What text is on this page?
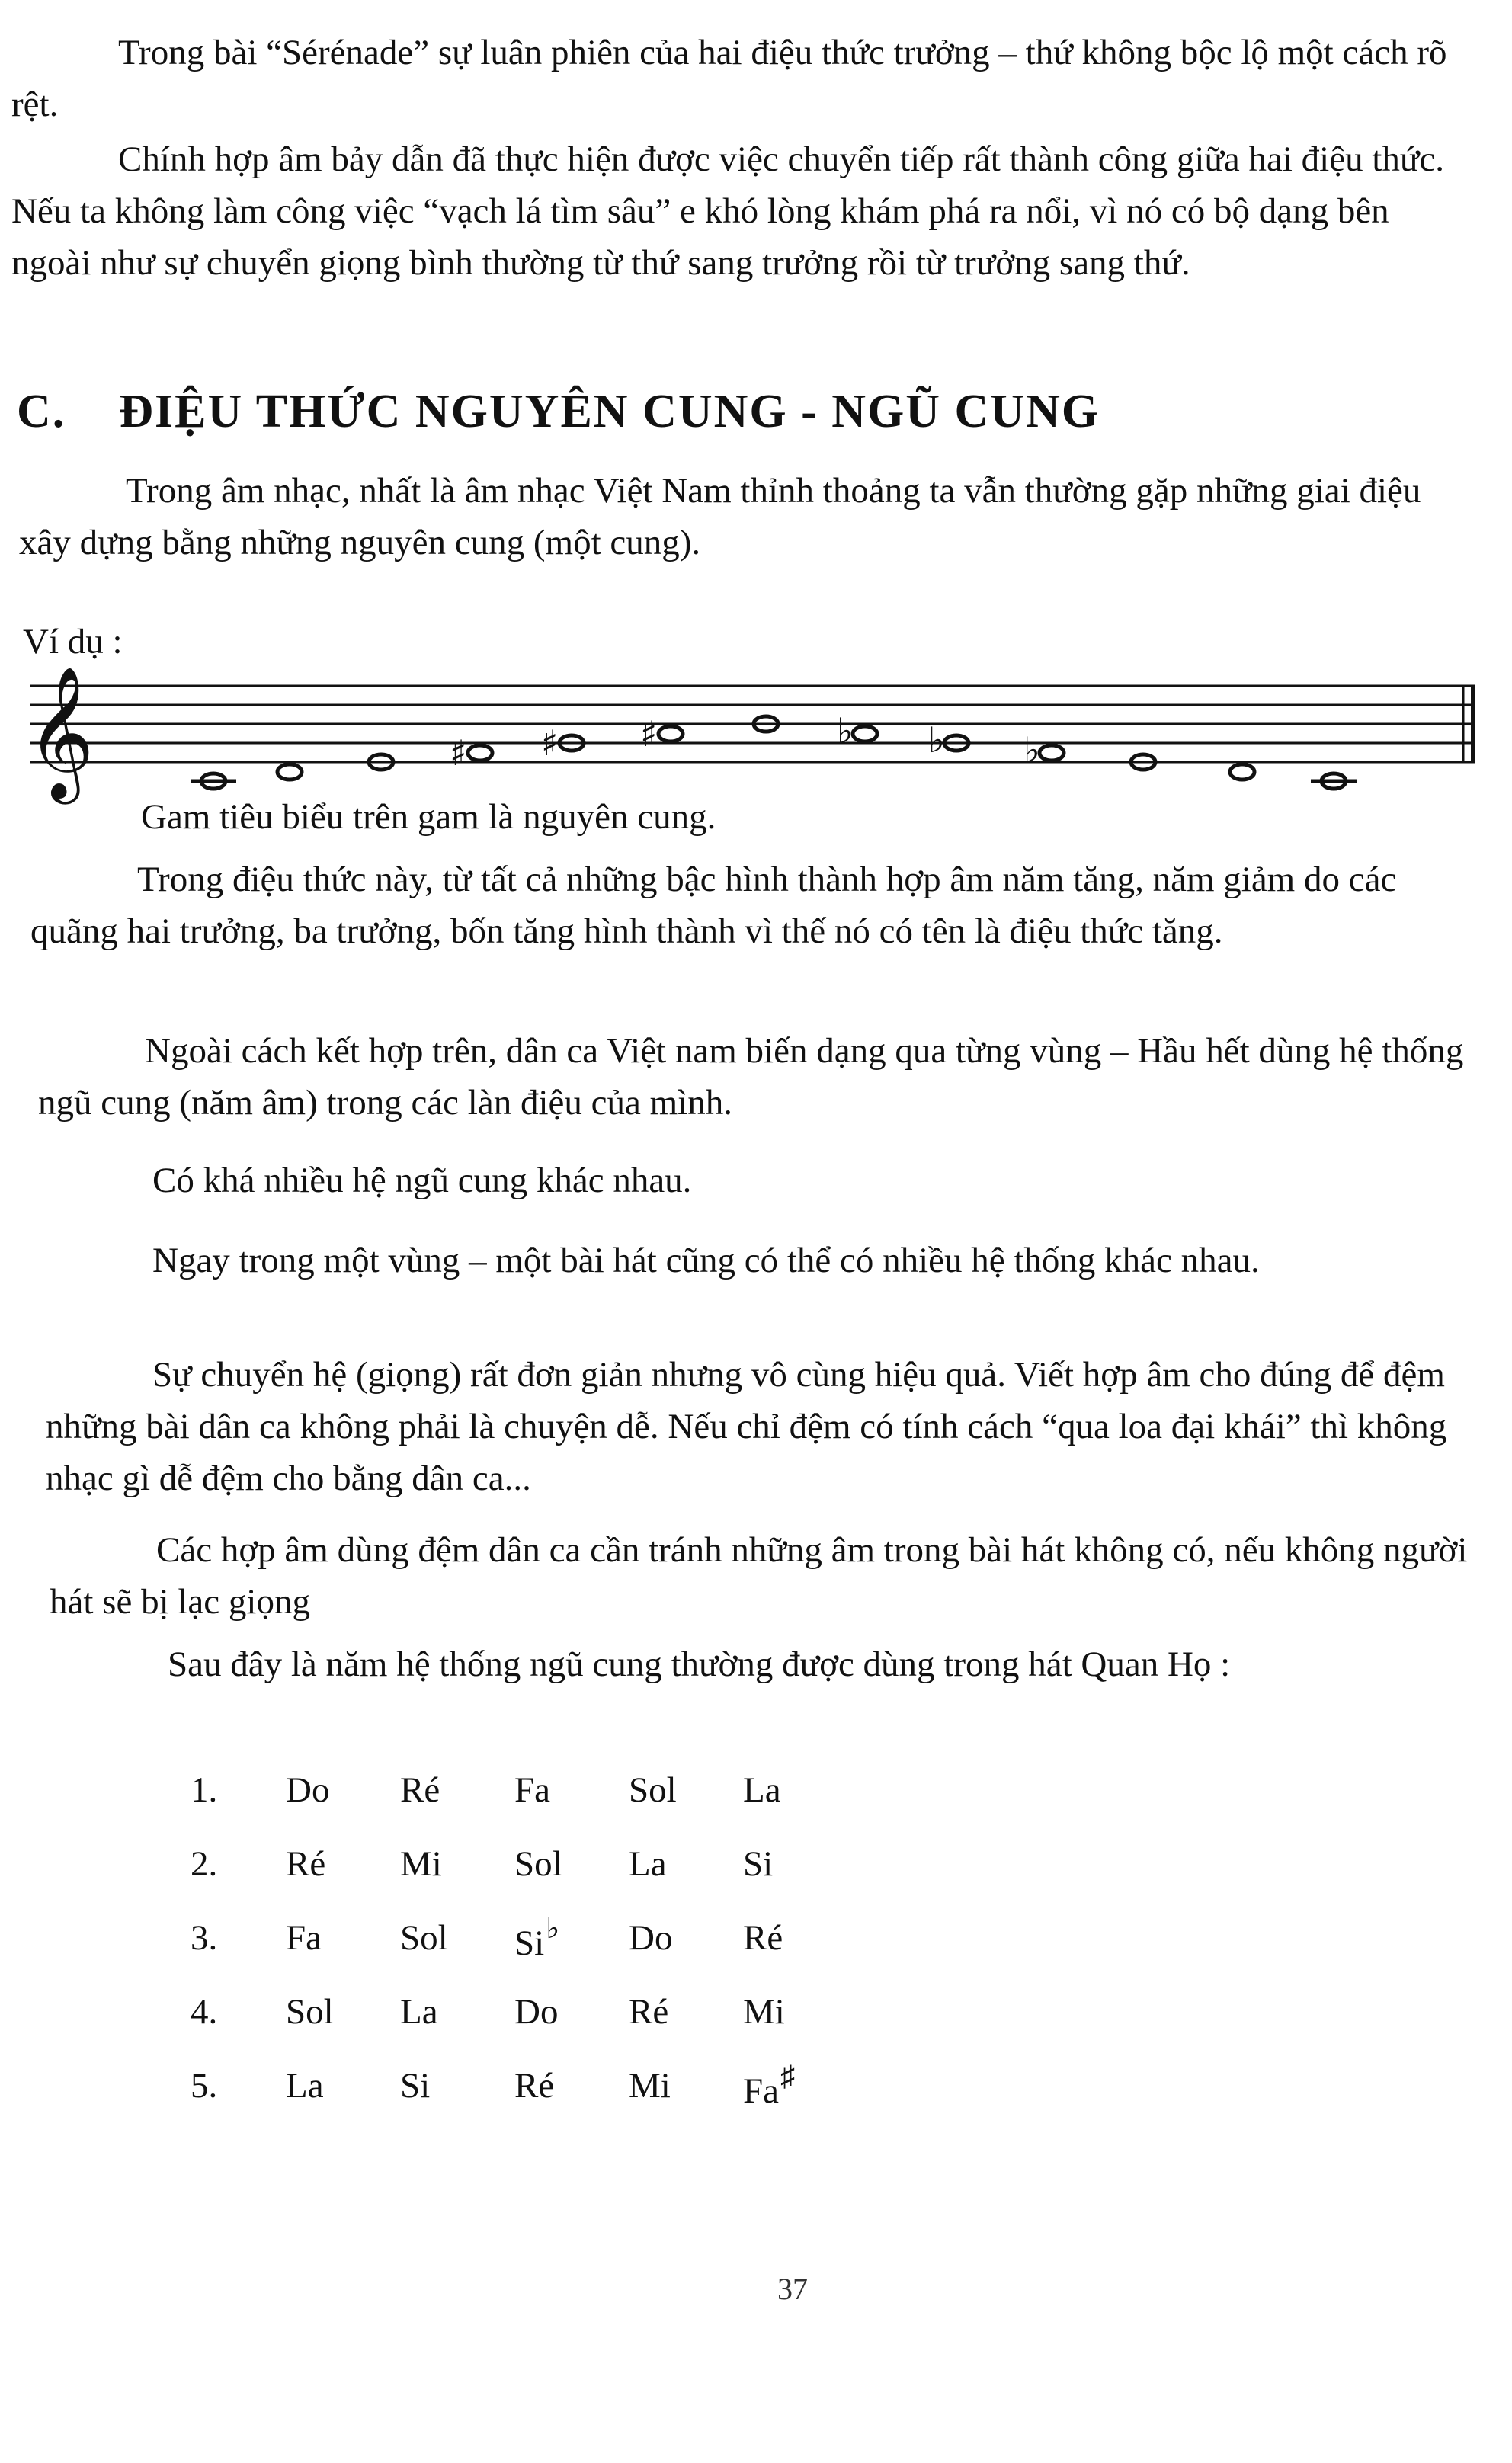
Trong bài “Sérénade” sự luân phiên của hai điệu thức trưởng – thứ không bộc lộ một cách rõ rệt.

Chính hợp âm bảy dẫn đã thực hiện được việc chuyển tiếp rất thành công giữa hai điệu thức. Nếu ta không làm công việc “vạch lá tìm sâu” e khó lòng khám phá ra nổi, vì nó có bộ dạng bên ngoài như sự chuyển giọng bình thường từ thứ sang trưởng rồi từ trưởng sang thứ.

C. ĐIỆU THỨC NGUYÊN CUNG - NGŨ CUNG

Trong âm nhạc, nhất là âm nhạc Việt Nam thỉnh thoảng ta vẫn thường gặp những giai điệu xây dựng bằng những nguyên cung (một cung).

Ví dụ :
𝄞	♯ ♯ ♯	♭ ♭ ♭
Gam tiêu biểu trên gam là nguyên cung.

Trong điệu thức này, từ tất cả những bậc hình thành hợp âm năm tăng, năm giảm do các quãng hai trưởng, ba trưởng, bốn tăng hình thành vì thế nó có tên là điệu thức tăng.

Ngoài cách kết hợp trên, dân ca Việt nam biến dạng qua từng vùng – Hầu hết dùng hệ thống ngũ cung (năm âm) trong các làn điệu của mình.

Có khá nhiều hệ ngũ cung khác nhau.

Ngay trong một vùng – một bài hát cũng có thể có nhiều hệ thống khác nhau.

Sự chuyển hệ (giọng) rất đơn giản nhưng vô cùng hiệu quả. Viết hợp âm cho đúng để đệm những bài dân ca không phải là chuyện dễ. Nếu chỉ đệm có tính cách “qua loa đại khái” thì không nhạc gì dễ đệm cho bằng dân ca...

Các hợp âm dùng đệm dân ca cần tránh những âm trong bài hát không có, nếu không người hát sẽ bị lạc giọng

Sau đây là năm hệ thống ngũ cung thường được dùng trong hát Quan Họ :

1.	Do	Ré	Fa	Sol	La
2.	Ré	Mi	Sol	La	Si
3.	Fa	Sol	Si♭	Do	Ré
4.	Sol	La	Do	Ré	Mi
5.	La	Si	Ré	Mi	Fa♯
37
